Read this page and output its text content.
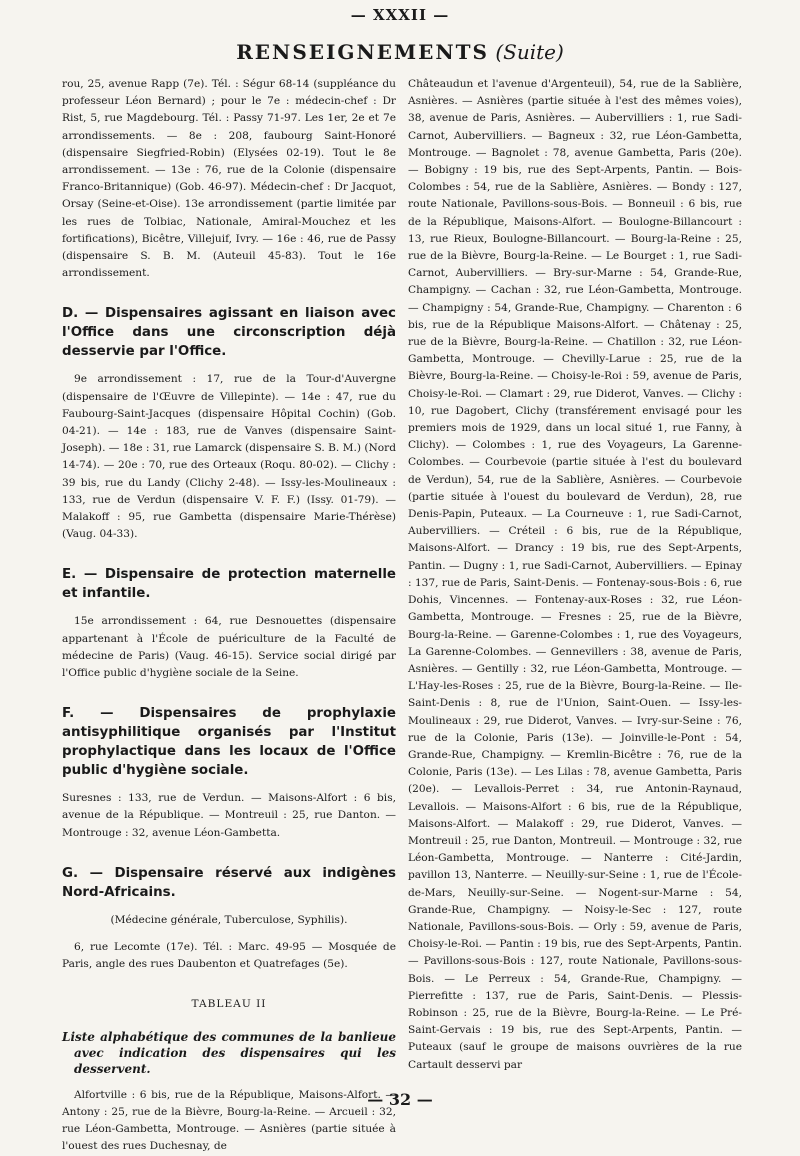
— XXXII —
RENSEIGNEMENTS (Suite)

rou, 25, avenue Rapp (7e). Tél. : Ségur 68-14 (suppléance du professeur Léon Bernard) ; pour le 7e : médecin-chef : Dr Rist, 5, rue Magdebourg. Tél. : Passy 71-97. Les 1er, 2e et 7e arrondissements. — 8e : 208, faubourg Saint-Honoré (dispensaire Siegfried-Robin) (Elysées 02-19). Tout le 8e arrondissement. — 13e : 76, rue de la Colonie (dispensaire Franco-Britannique) (Gob. 46-97). Médecin-chef : Dr Jacquot, Orsay (Seine-et-Oise). 13e arrondissement (partie limitée par les rues de Tolbiac, Nationale, Amiral-Mouchez et les fortifications), Bicêtre, Villejuif, Ivry. — 16e : 46, rue de Passy (dispensaire S. B. M. (Auteuil 45-83). Tout le 16e arrondissement.

D. — Dispensaires agissant en liaison avec l'Office dans une circonscription déjà desservie par l'Office.

9e arrondissement : 17, rue de la Tour-d'Auvergne (dispensaire de l'Œuvre de Villepinte). — 14e : 47, rue du Faubourg-Saint-Jacques (dispensaire Hôpital Cochin) (Gob. 04-21). — 14e : 183, rue de Vanves (dispensaire Saint-Joseph). — 18e : 31, rue Lamarck (dispensaire S. B. M.) (Nord 14-74). — 20e : 70, rue des Orteaux (Roqu. 80-02). — Clichy : 39 bis, rue du Landy (Clichy 2-48). — Issy-les-Moulineaux : 133, rue de Verdun (dispensaire V. F. F.) (Issy. 01-79). — Malakoff : 95, rue Gambetta (dispensaire Marie-Thérèse) (Vaug. 04-33).

E. — Dispensaire de protection maternelle et infantile.

15e arrondissement : 64, rue Desnouettes (dispensaire appartenant à l'École de puériculture de la Faculté de médecine de Paris) (Vaug. 46-15). Service social dirigé par l'Office public d'hygiène sociale de la Seine.

F. — Dispensaires de prophylaxie antisyphilitique organisés par l'Institut prophylactique dans les locaux de l'Office public d'hygiène sociale.

Suresnes : 133, rue de Verdun. — Maisons-Alfort : 6 bis, avenue de la République. — Montreuil : 25, rue Danton. — Montrouge : 32, avenue Léon-Gambetta.

G. — Dispensaire réservé aux indigènes Nord-Africains.

(Médecine générale, Tuberculose, Syphilis).

6, rue Lecomte (17e). Tél. : Marc. 49-95 — Mosquée de Paris, angle des rues Daubenton et Quatrefages (5e).

TABLEAU II

Liste alphabétique des communes de la banlieue avec indication des dispensaires qui les desservent.

Alfortville : 6 bis, rue de la République, Maisons-Alfort. — Antony : 25, rue de la Bièvre, Bourg-la-Reine. — Arcueil : 32, rue Léon-Gambetta, Montrouge. — Asnières (partie située à l'ouest des rues Duchesnay, de

Châteaudun et l'avenue d'Argenteuil), 54, rue de la Sablière, Asnières. — Asnières (partie située à l'est des mêmes voies), 38, avenue de Paris, Asnières. — Aubervilliers : 1, rue Sadi-Carnot, Aubervilliers. — Bagneux : 32, rue Léon-Gambetta, Montrouge. — Bagnolet : 78, avenue Gambetta, Paris (20e). — Bobigny : 19 bis, rue des Sept-Arpents, Pantin. — Bois-Colombes : 54, rue de la Sablière, Asnières. — Bondy : 127, route Nationale, Pavillons-sous-Bois. — Bonneuil : 6 bis, rue de la République, Maisons-Alfort. — Boulogne-Billancourt : 13, rue Rieux, Boulogne-Billancourt. — Bourg-la-Reine : 25, rue de la Bièvre, Bourg-la-Reine. — Le Bourget : 1, rue Sadi-Carnot, Aubervilliers. — Bry-sur-Marne : 54, Grande-Rue, Champigny. — Cachan : 32, rue Léon-Gambetta, Montrouge. — Champigny : 54, Grande-Rue, Champigny. — Charenton : 6 bis, rue de la République Maisons-Alfort. — Châtenay : 25, rue de la Bièvre, Bourg-la-Reine. — Chatillon : 32, rue Léon-Gambetta, Montrouge. — Chevilly-Larue : 25, rue de la Bièvre, Bourg-la-Reine. — Choisy-le-Roi : 59, avenue de Paris, Choisy-le-Roi. — Clamart : 29, rue Diderot, Vanves. — Clichy : 10, rue Dagobert, Clichy (transférement envisagé pour les premiers mois de 1929, dans un local situé 1, rue Fanny, à Clichy). — Colombes : 1, rue des Voyageurs, La Garenne-Colombes. — Courbevoie (partie située à l'est du boulevard de Verdun), 54, rue de la Sablière, Asnières. — Courbevoie (partie située à l'ouest du boulevard de Verdun), 28, rue Denis-Papin, Puteaux. — La Courneuve : 1, rue Sadi-Carnot, Aubervilliers. — Créteil : 6 bis, rue de la République, Maisons-Alfort. — Drancy : 19 bis, rue des Sept-Arpents, Pantin. — Dugny : 1, rue Sadi-Carnot, Aubervilliers. — Epinay : 137, rue de Paris, Saint-Denis. — Fontenay-sous-Bois : 6, rue Dohis, Vincennes. — Fontenay-aux-Roses : 32, rue Léon-Gambetta, Montrouge. — Fresnes : 25, rue de la Bièvre, Bourg-la-Reine. — Garenne-Colombes : 1, rue des Voyageurs, La Garenne-Colombes. — Gennevillers : 38, avenue de Paris, Asnières. — Gentilly : 32, rue Léon-Gambetta, Montrouge. — L'Hay-les-Roses : 25, rue de la Bièvre, Bourg-la-Reine. — Ile-Saint-Denis : 8, rue de l'Union, Saint-Ouen. — Issy-les-Moulineaux : 29, rue Diderot, Vanves. — Ivry-sur-Seine : 76, rue de la Colonie, Paris (13e). — Joinville-le-Pont : 54, Grande-Rue, Champigny. — Kremlin-Bicêtre : 76, rue de la Colonie, Paris (13e). — Les Lilas : 78, avenue Gambetta, Paris (20e). — Levallois-Perret : 34, rue Antonin-Raynaud, Levallois. — Maisons-Alfort : 6 bis, rue de la République, Maisons-Alfort. — Malakoff : 29, rue Diderot, Vanves. — Montreuil : 25, rue Danton, Montreuil. — Montrouge : 32, rue Léon-Gambetta, Montrouge. — Nanterre : Cité-Jardin, pavillon 13, Nanterre. — Neuilly-sur-Seine : 1, rue de l'École-de-Mars, Neuilly-sur-Seine. — Nogent-sur-Marne : 54, Grande-Rue, Champigny. — Noisy-le-Sec : 127, route Nationale, Pavillons-sous-Bois. — Orly : 59, avenue de Paris, Choisy-le-Roi. — Pantin : 19 bis, rue des Sept-Arpents, Pantin. — Pavillons-sous-Bois : 127, route Nationale, Pavillons-sous-Bois. — Le Perreux : 54, Grande-Rue, Champigny. — Pierrefitte : 137, rue de Paris, Saint-Denis. — Plessis-Robinson : 25, rue de la Bièvre, Bourg-la-Reine. — Le Pré-Saint-Gervais : 19 bis, rue des Sept-Arpents, Pantin. — Puteaux (sauf le groupe de maisons ouvrières de la rue Cartault desservi par

— 32 —
